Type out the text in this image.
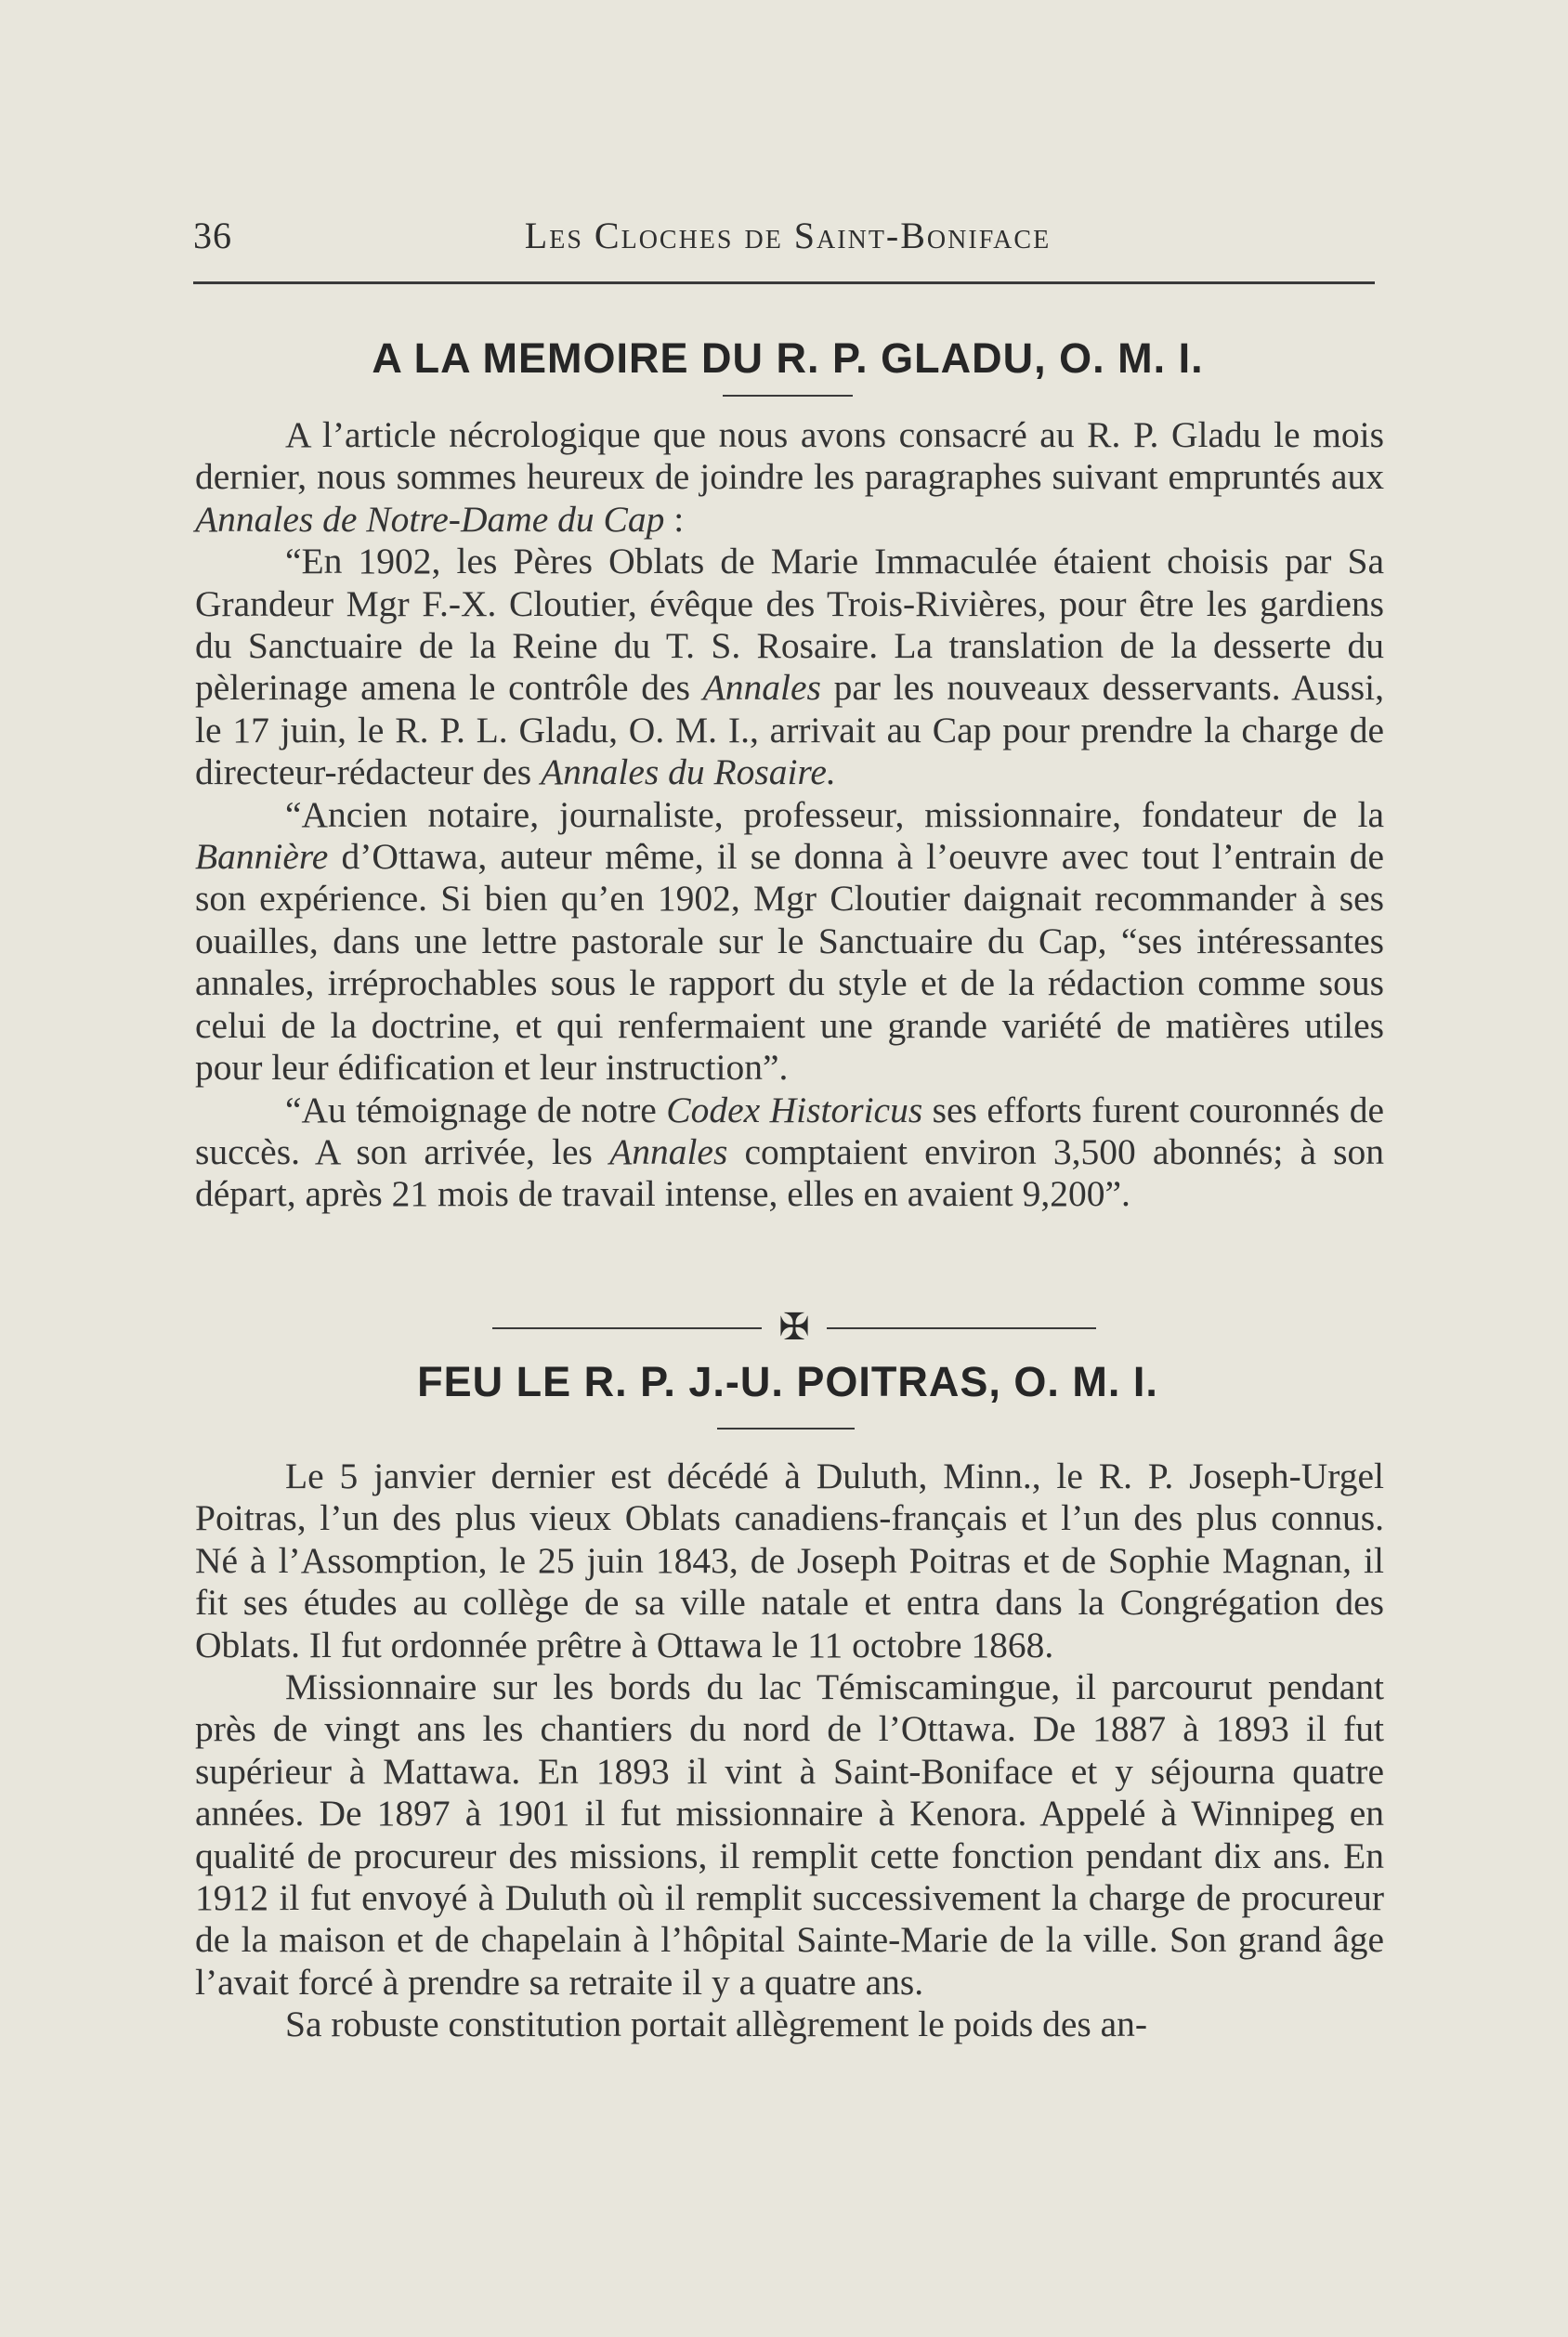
36	Les Cloches de Saint-Boniface
A LA MEMOIRE DU R. P. GLADU, O. M. I.

A l’article nécrologique que nous avons consacré au R. P. Gladu le mois dernier, nous sommes heureux de joindre les paragraphes suivant empruntés aux Annales de Notre-Dame du Cap :

“En 1902, les Pères Oblats de Marie Immaculée étaient choisis par Sa Grandeur Mgr F.-X. Cloutier, évêque des Trois-Rivières, pour être les gardiens du Sanctuaire de la Reine du T. S. Rosaire. La translation de la desserte du pèlerinage amena le contrôle des Annales par les nouveaux desservants. Aussi, le 17 juin, le R. P. L. Gladu, O. M. I., arrivait au Cap pour prendre la charge de directeur-rédacteur des Annales du Rosaire.

“Ancien notaire, journaliste, professeur, missionnaire, fondateur de la Bannière d’Ottawa, auteur même, il se donna à l’oeuvre avec tout l’entrain de son expérience. Si bien qu’en 1902, Mgr Cloutier daignait recommander à ses ouailles, dans une lettre pastorale sur le Sanctuaire du Cap, “ses intéressantes annales, irréprochables sous le rapport du style et de la rédaction comme sous celui de la doctrine, et qui renfermaient une grande variété de matières utiles pour leur édification et leur instruction”.

“Au témoignage de notre Codex Historicus ses efforts furent couronnés de succès. A son arrivée, les Annales comptaient environ 3,500 abonnés; à son départ, après 21 mois de travail intense, elles en avaient 9,200”.

✠
FEU LE R. P. J.-U. POITRAS, O. M. I.

Le 5 janvier dernier est décédé à Duluth, Minn., le R. P. Joseph-Urgel Poitras, l’un des plus vieux Oblats canadiens-français et l’un des plus connus. Né à l’Assomption, le 25 juin 1843, de Joseph Poitras et de Sophie Magnan, il fit ses études au collège de sa ville natale et entra dans la Congrégation des Oblats. Il fut ordonnée prêtre à Ottawa le 11 octobre 1868.

Missionnaire sur les bords du lac Témiscamingue, il parcourut pendant près de vingt ans les chantiers du nord de l’Ottawa. De 1887 à 1893 il fut supérieur à Mattawa. En 1893 il vint à Saint-Boniface et y séjourna quatre années. De 1897 à 1901 il fut missionnaire à Kenora. Appelé à Winnipeg en qualité de procureur des missions, il remplit cette fonction pendant dix ans. En 1912 il fut envoyé à Duluth où il remplit successivement la charge de procureur de la maison et de chapelain à l’hôpital Sainte-Marie de la ville. Son grand âge l’avait forcé à prendre sa retraite il y a quatre ans.

Sa robuste constitution portait allègrement le poids des an-
